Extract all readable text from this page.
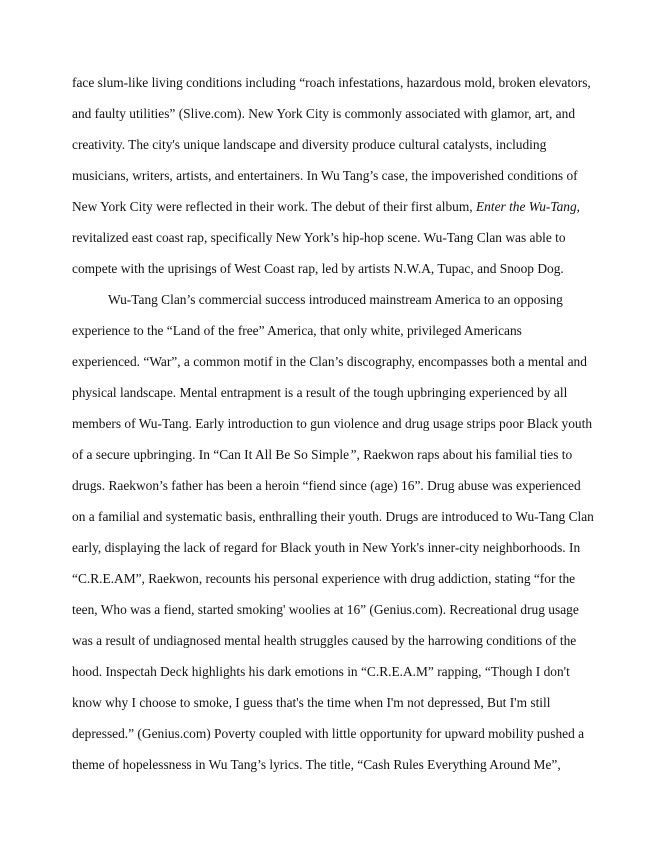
face slum-like living conditions including “roach infestations, hazardous mold, broken elevators,
and faulty utilities” (Slive.com). New York City is commonly associated with glamor, art, and
creativity. The city's unique landscape and diversity produce cultural catalysts, including
musicians, writers, artists, and entertainers. In Wu Tang’s case, the impoverished conditions of
New York City were reflected in their work. The debut of their first album, Enter the Wu-Tang,
revitalized east coast rap, specifically New York’s hip-hop scene. Wu-Tang Clan was able to
compete with the uprisings of West Coast rap, led by artists N.W.A, Tupac, and Snoop Dog.
Wu-Tang Clan’s commercial success introduced mainstream America to an opposing
experience to the “Land of the free” America, that only white, privileged Americans
experienced. “War”, a common motif in the Clan’s discography, encompasses both a mental and
physical landscape. Mental entrapment is a result of the tough upbringing experienced by all
members of Wu-Tang. Early introduction to gun violence and drug usage strips poor Black youth
of a secure upbringing. In “Can It All Be So Simple”, Raekwon raps about his familial ties to
drugs. Raekwon’s father has been a heroin “fiend since (age) 16”. Drug abuse was experienced
on a familial and systematic basis, enthralling their youth. Drugs are introduced to Wu-Tang Clan
early, displaying the lack of regard for Black youth in New York's inner-city neighborhoods. In
“C.R.E.AM”, Raekwon, recounts his personal experience with drug addiction, stating “for the
teen, Who was a fiend, started smoking' woolies at 16” (Genius.com). Recreational drug usage
was a result of undiagnosed mental health struggles caused by the harrowing conditions of the
hood. Inspectah Deck highlights his dark emotions in “C.R.E.A.M” rapping, “Though I don't
know why I choose to smoke, I guess that's the time when I'm not depressed, But I'm still
depressed.” (Genius.com) Poverty coupled with little opportunity for upward mobility pushed a
theme of hopelessness in Wu Tang’s lyrics. The title, “Cash Rules Everything Around Me”,
